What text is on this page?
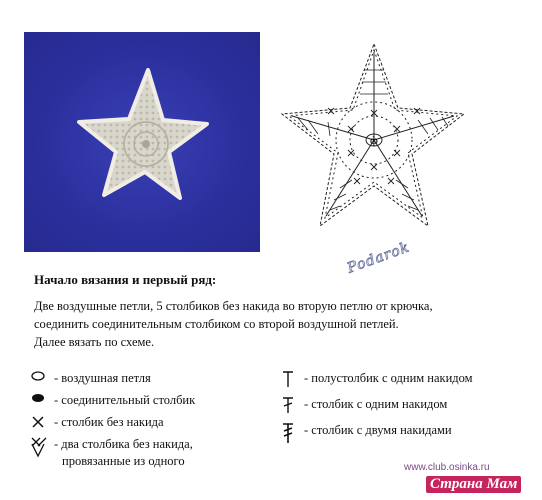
ф
Podarok
Начало вязания и первый ряд:
Две воздушные петли, 5 столбиков без накида во вторую петлю от крючка,
соединить соединительным столбиком со второй воздушной петлей.
Далее вязать по схеме.
- воздушная петля
- соединительный столбик
- столбик без накида
- два столбика без накида,
провязанные из одного
- полустолбик с одним накидом
- столбик с одним накидом
- столбик с двумя накидами
www.club.osinka.ru
Страна Мам
